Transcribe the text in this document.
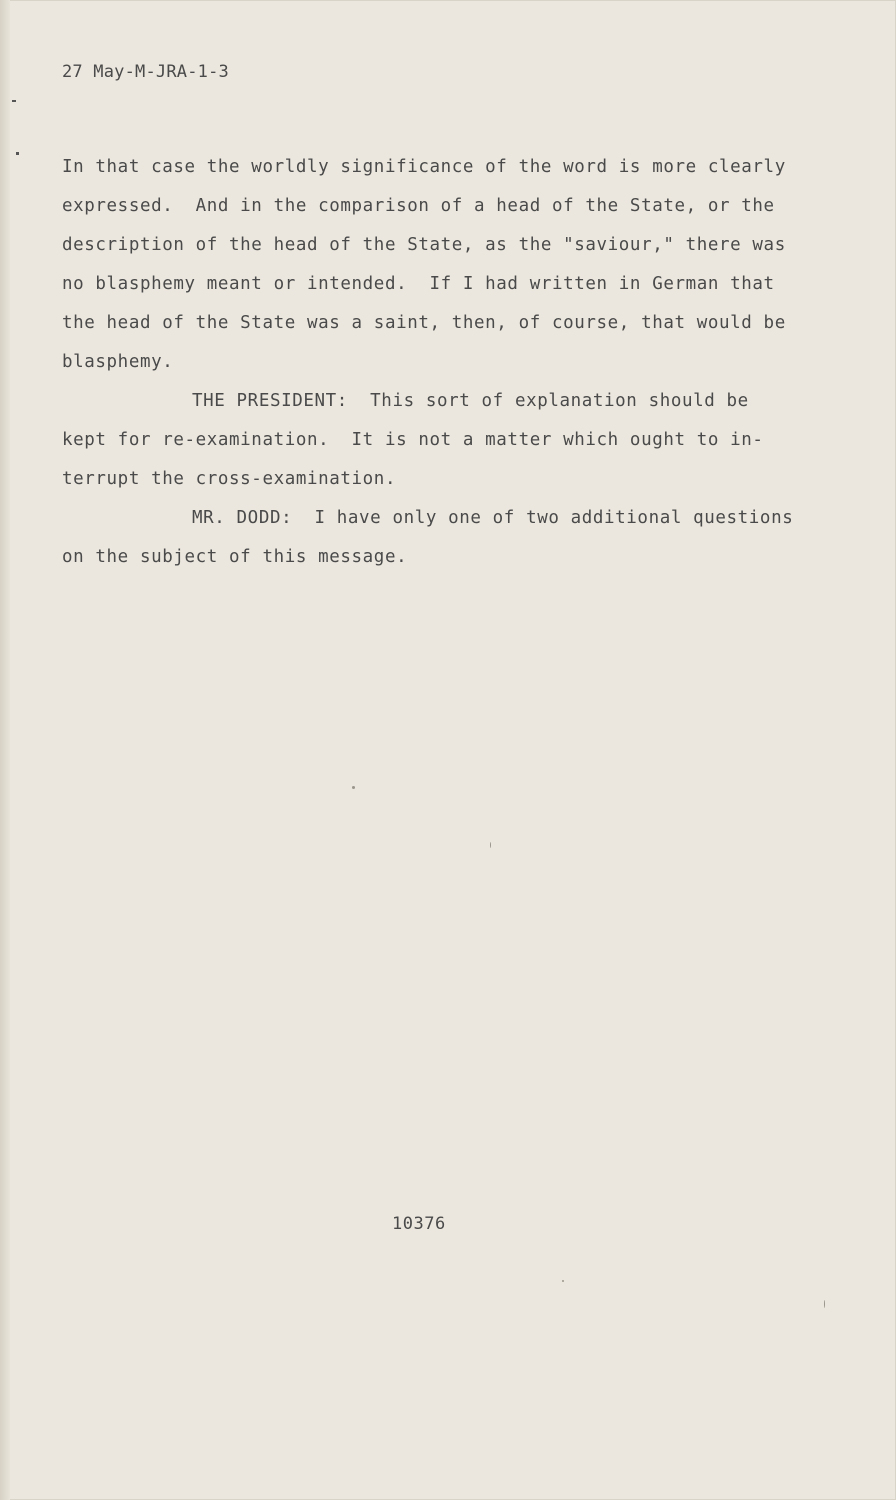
27 May-M-JRA-1-3
In that case the worldly significance of the word is more clearly
expressed.  And in the comparison of a head of the State, or the
description of the head of the State, as the "saviour," there was
no blasphemy meant or intended.  If I had written in German that
the head of the State was a saint, then, of course, that would be
blasphemy.
THE PRESIDENT:  This sort of explanation should be
kept for re-examination.  It is not a matter which ought to in-
terrupt the cross-examination.
MR. DODD:  I have only one of two additional questions
on the subject of this message.
10376
